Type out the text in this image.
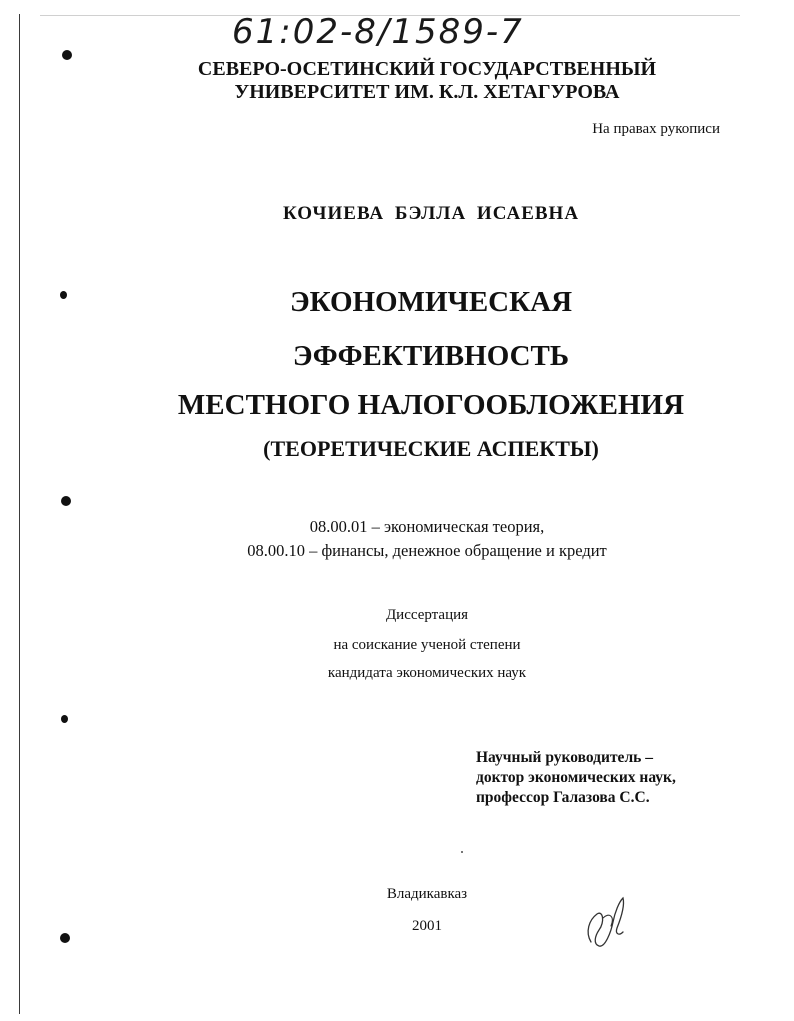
61:02-8/1589-7
СЕВЕРО-ОСЕТИНСКИЙ ГОСУДАРСТВЕННЫЙ
УНИВЕРСИТЕТ ИМ. К.Л. ХЕТАГУРОВА
На правах рукописи
КОЧИЕВА БЭЛЛА ИСАЕВНА
ЭКОНОМИЧЕСКАЯ
ЭФФЕКТИВНОСТЬ
МЕСТНОГО НАЛОГООБЛОЖЕНИЯ
(ТЕОРЕТИЧЕСКИЕ АСПЕКТЫ)
08.00.01 – экономическая теория,
08.00.10 – финансы, денежное обращение и кредит
Диссертация
на соискание ученой степени
кандидата экономических наук
Научный руководитель –
доктор экономических наук,
профессор Галазова С.С.
Владикавказ
2001
